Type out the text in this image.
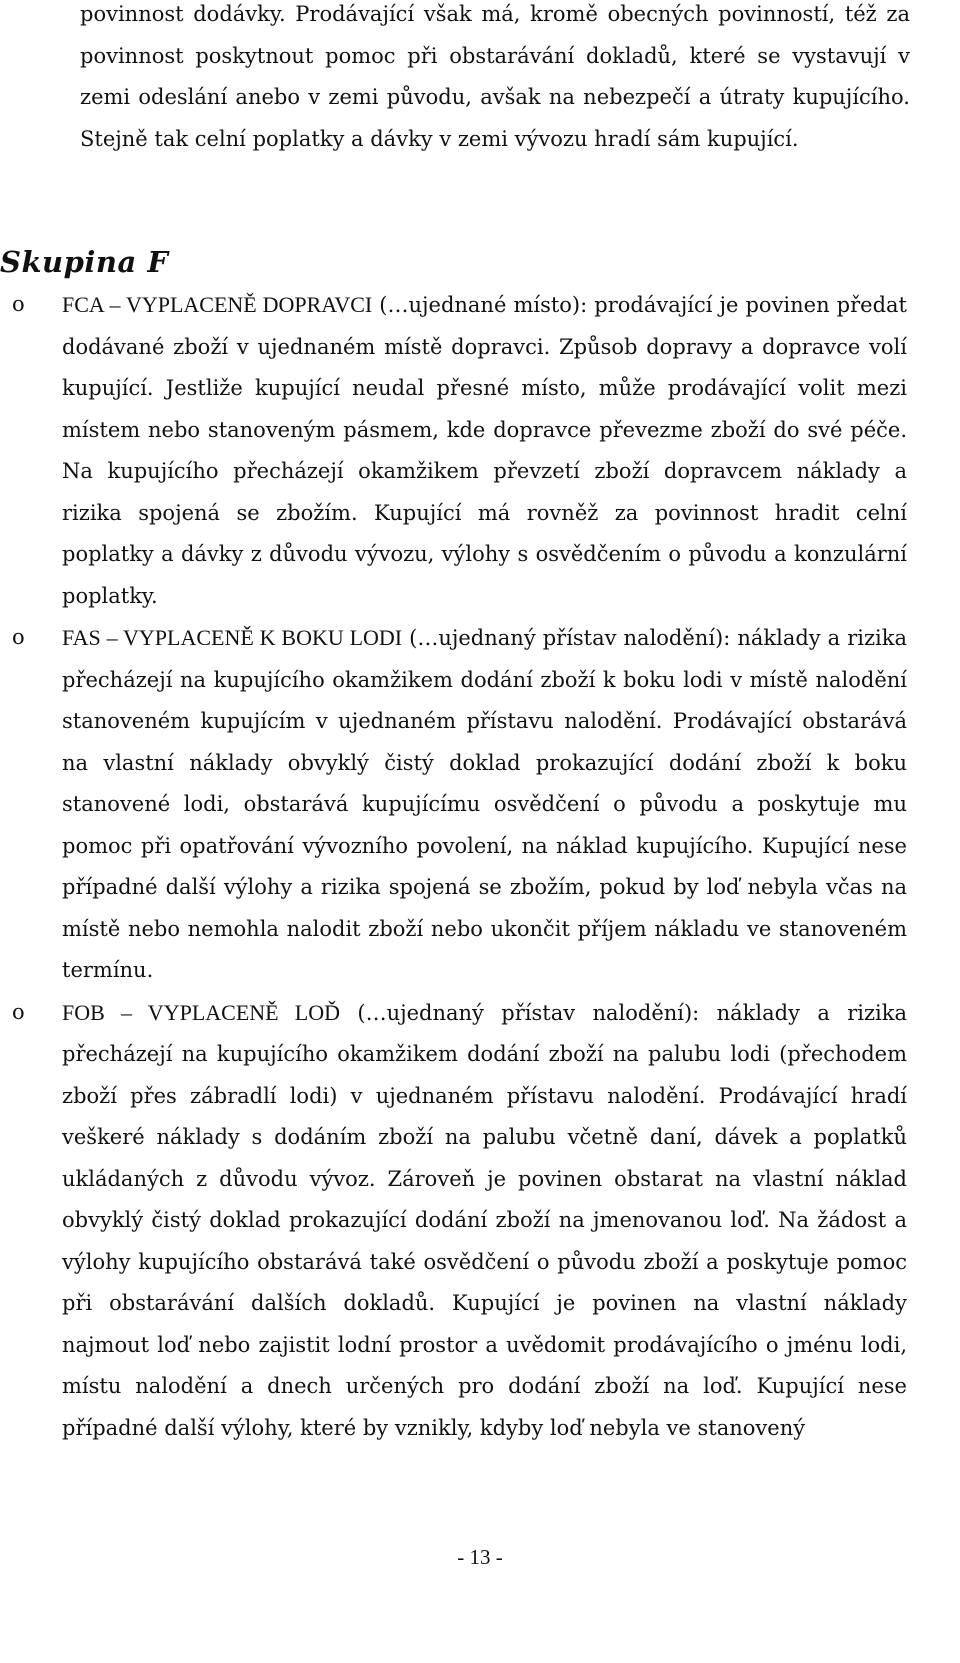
povinnost dodávky. Prodávající však má, kromě obecných povinností, též za povinnost poskytnout pomoc při obstarávání dokladů, které se vystavují v zemi odeslání anebo v zemi původu, avšak na nebezpečí a útraty kupujícího. Stejně tak celní poplatky a dávky v zemi vývozu hradí sám kupující.

Skupina F
o FCA – VYPLACENĚ DOPRAVCI (…ujednané místo): prodávající je povinen předat dodávané zboží v ujednaném místě dopravci. Způsob dopravy a dopravce volí kupující. Jestliže kupující neudal přesné místo, může prodávající volit mezi místem nebo stanoveným pásmem, kde dopravce převezme zboží do své péče. Na kupujícího přecházejí okamžikem převzetí zboží dopravcem náklady a rizika spojená se zbožím. Kupující má rovněž za povinnost hradit celní poplatky a dávky z důvodu vývozu, výlohy s osvědčením o původu a konzulární poplatky.
o FAS – VYPLACENĚ K BOKU LODI (…ujednaný přístav nalodění): náklady a rizika přecházejí na kupujícího okamžikem dodání zboží k boku lodi v místě nalodění stanoveném kupujícím v ujednaném přístavu nalodění. Prodávající obstarává na vlastní náklady obvyklý čistý doklad prokazující dodání zboží k boku stanovené lodi, obstarává kupujícímu osvědčení o původu a poskytuje mu pomoc při opatřování vývozního povolení, na náklad kupujícího. Kupující nese případné další výlohy a rizika spojená se zbožím, pokud by loď nebyla včas na místě nebo nemohla nalodit zboží nebo ukončit příjem nákladu ve stanoveném termínu.
o FOB – VYPLACENĚ LOĎ (…ujednaný přístav nalodění): náklady a rizika přecházejí na kupujícího okamžikem dodání zboží na palubu lodi (přechodem zboží přes zábradlí lodi) v ujednaném přístavu nalodění. Prodávající hradí veškeré náklady s dodáním zboží na palubu včetně daní, dávek a poplatků ukládaných z důvodu vývoz. Zároveň je povinen obstarat na vlastní náklad obvyklý čistý doklad prokazující dodání zboží na jmenovanou loď. Na žádost a výlohy kupujícího obstarává také osvědčení o původu zboží a poskytuje pomoc při obstarávání dalších dokladů. Kupující je povinen na vlastní náklady najmout loď nebo zajistit lodní prostor a uvědomit prodávajícího o jménu lodi, místu nalodění a dnech určených pro dodání zboží na loď. Kupující nese případné další výlohy, které by vznikly, kdyby loď nebyla ve stanovený
- 13 -
